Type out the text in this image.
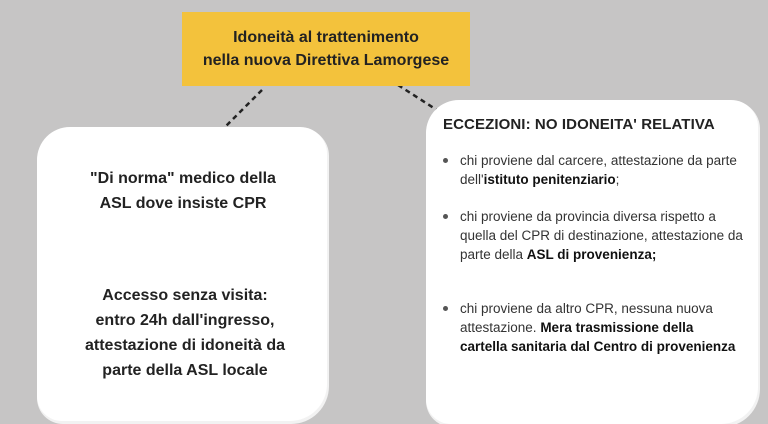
Idoneità al trattenimento
nella nuova Direttiva Lamorgese
"Di norma" medico della
ASL dove insiste CPR
Accesso senza visita:
entro 24h dall'ingresso,
attestazione di idoneità da
parte della ASL locale
ECCEZIONI: NO IDONEITA' RELATIVA
chi proviene dal carcere, attestazione da parte dell'istituto penitenziario;
chi proviene da provincia diversa rispetto a quella del CPR di destinazione, attestazione da parte della ASL di provenienza;
chi proviene da altro CPR, nessuna nuova attestazione. Mera trasmissione della cartella sanitaria dal Centro di provenienza
